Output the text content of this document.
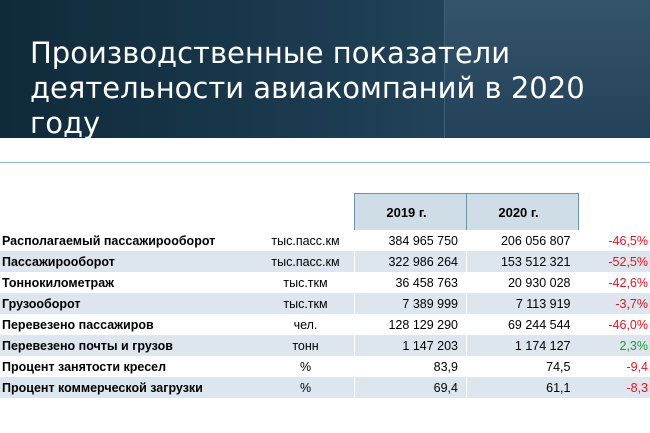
Производственные показатели
деятельности авиакомпаний в 2020 году
		2019 г.	2020 г.	
Располагаемый пассажирооборот	тыс.пасс.км	384 965 750	206 056 807	-46,5%
Пассажирооборот	тыс.пасс.км	322 986 264	153 512 321	-52,5%
Тоннокилометраж	тыс.ткм	36 458 763	20 930 028	-42,6%
Грузооборот	тыс.ткм	7 389 999	7 113 919	-3,7%
Перевезено пассажиров	чел.	128 129 290	69 244 544	-46,0%
Перевезено почты и грузов	тонн	1 147 203	1 174 127	2,3%
Процент занятости кресел	%	83,9	74,5	-9,4
Процент коммерческой загрузки	%	69,4	61,1	-8,3
